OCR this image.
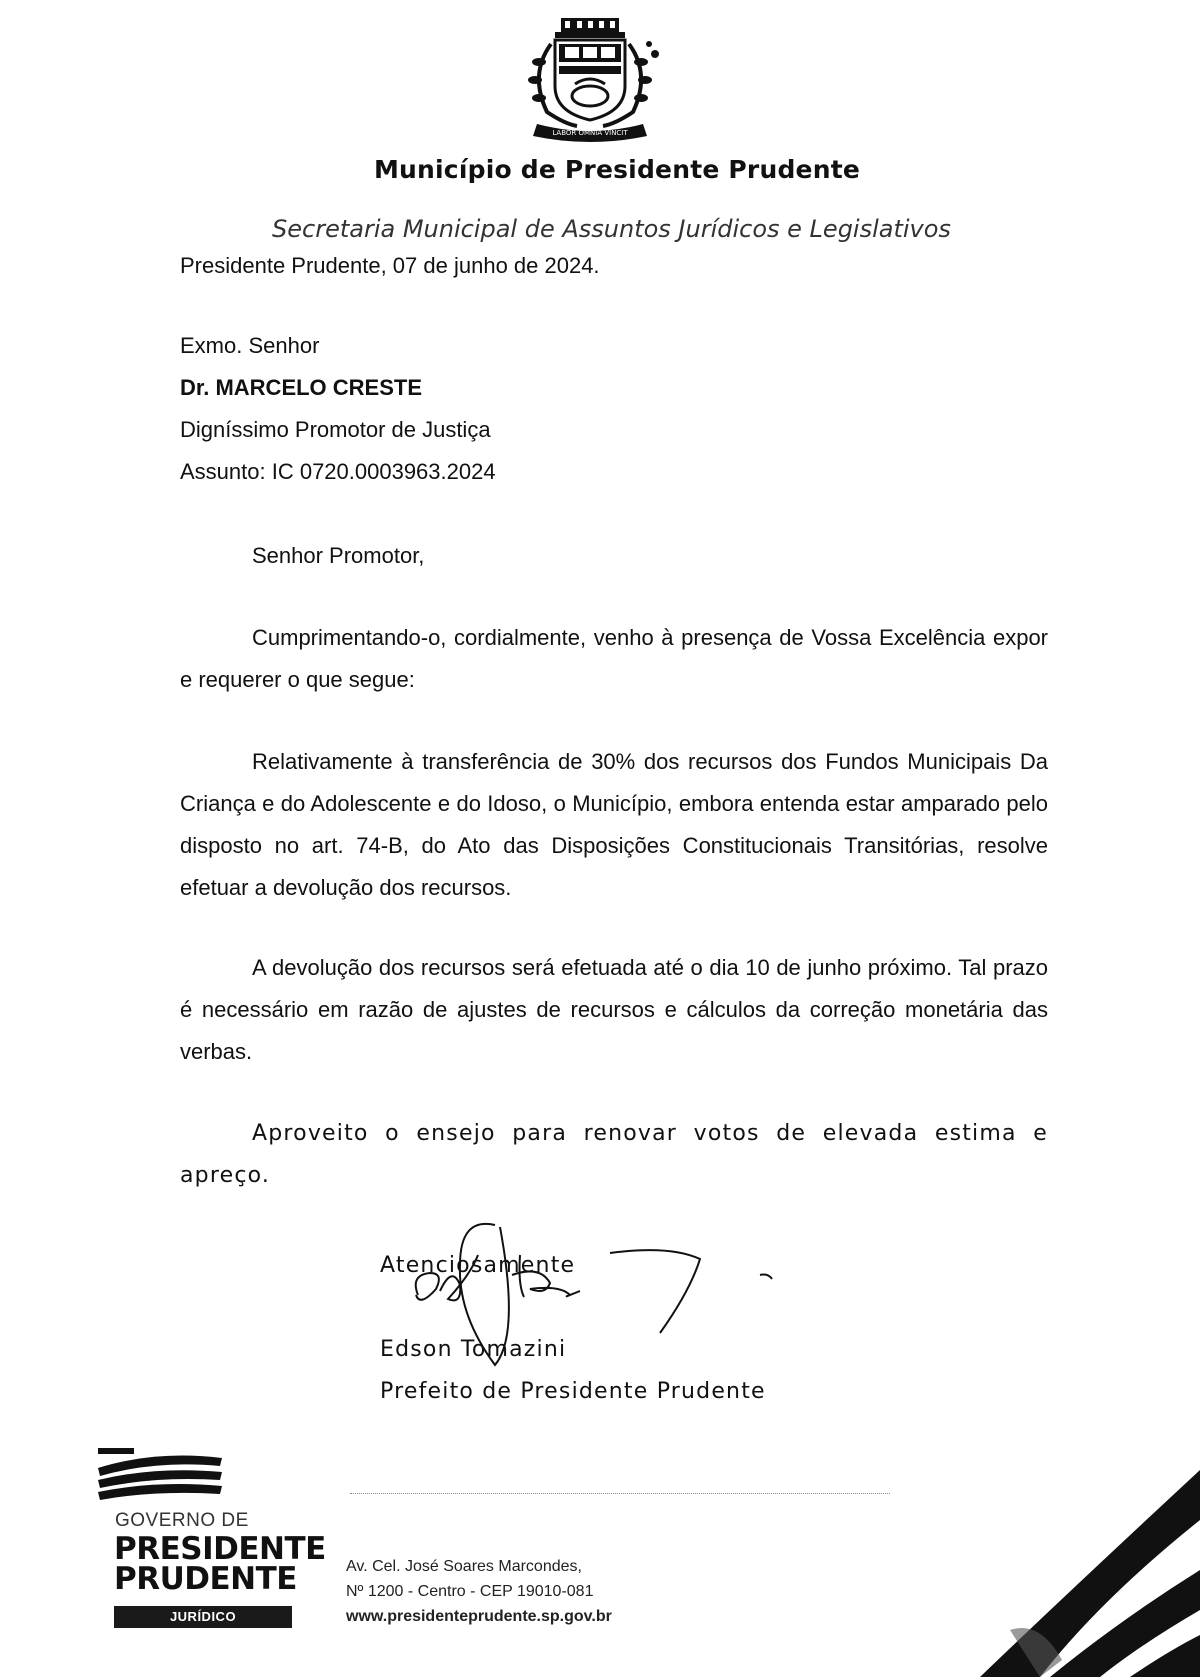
LABOR OMNIA VINCIT
Município de Presidente Prudente
Secretaria Municipal de Assuntos Jurídicos e Legislativos
Presidente Prudente, 07 de junho de 2024.
Exmo. Senhor
Dr. MARCELO CRESTE
Digníssimo Promotor de Justiça
Assunto: IC 0720.0003963.2024
Senhor Promotor,
Cumprimentando-o, cordialmente, venho à presença de Vossa Excelência expor e requerer o que segue:
Relativamente à transferência de 30% dos recursos dos Fundos Municipais Da Criança e do Adolescente e do Idoso, o Município, embora entenda estar amparado pelo disposto no art. 74-B, do Ato das Disposições Constitucionais Transitórias, resolve efetuar a devolução dos recursos.
A devolução dos recursos será efetuada até o dia 10 de junho próximo. Tal prazo é necessário em razão de ajustes de recursos e cálculos da correção monetária das verbas.
Aproveito o ensejo para renovar votos de elevada estima e apreço.
Atenciosamente
Edson Tomazini
Prefeito de Presidente Prudente
GOVERNO DE
PRESIDENTE
PRUDENTE
JURÍDICO
Av. Cel. José Soares Marcondes,
Nº 1200 - Centro - CEP 19010-081
www.presidenteprudente.sp.gov.br
